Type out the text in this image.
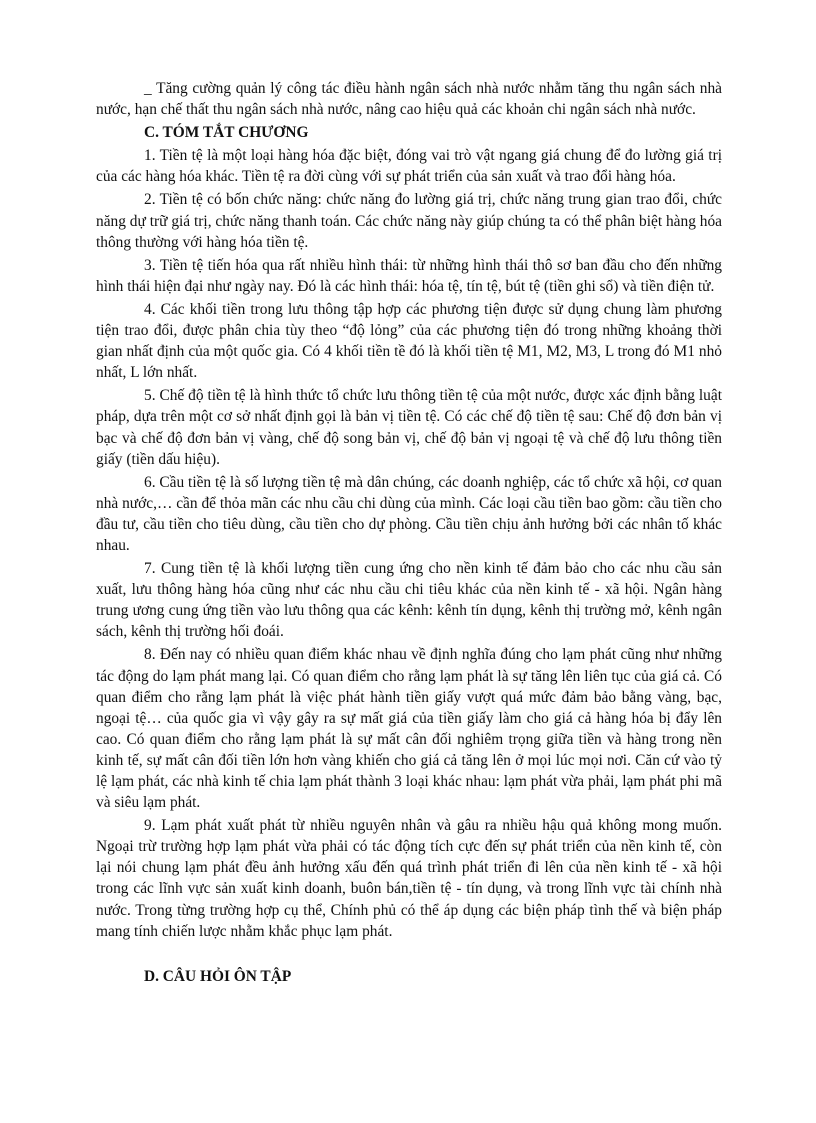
_ Tăng cường quản lý công tác điều hành ngân sách nhà nước nhằm tăng thu ngân sách nhà nước, hạn chế thất thu ngân sách nhà nước, nâng cao hiệu quả các khoản chi ngân sách nhà nước.

C. TÓM TẮT CHƯƠNG

1. Tiền tệ là một loại hàng hóa đặc biệt, đóng vai trò vật ngang giá chung để đo lường giá trị của các hàng hóa khác. Tiền tệ ra đời cùng với sự phát triển của sản xuất và trao đổi hàng hóa.

2. Tiền tệ có bốn chức năng: chức năng đo lường giá trị, chức năng trung gian trao đổi, chức năng dự trữ giá trị, chức năng thanh toán. Các chức năng này giúp chúng ta có thể phân biệt hàng hóa thông thường với hàng hóa tiền tệ.

3. Tiền tệ tiến hóa qua rất nhiều hình thái: từ những hình thái thô sơ ban đầu cho đến những hình thái hiện đại như ngày nay. Đó là các hình thái: hóa tệ, tín tệ, bút tệ (tiền ghi sổ) và tiền điện tử.

4. Các khối tiền trong lưu thông tập hợp các phương tiện được sử dụng chung làm phương tiện trao đổi, được phân chia tùy theo “độ lỏng” của các phương tiện đó trong những khoảng thời gian nhất định của một quốc gia. Có 4 khối tiền tề đó là khối tiền tệ M1, M2, M3, L trong đó M1 nhỏ nhất, L lớn nhất.

5. Chế độ tiền tệ là hình thức tổ chức lưu thông tiền tệ của một nước, được xác định bằng luật pháp, dựa trên một cơ sở nhất định gọi là bản vị tiền tệ. Có các chế độ tiền tệ sau: Chế độ đơn bản vị bạc và chế độ đơn bản vị vàng, chế độ song bản vị, chế độ bản vị ngoại tệ và chế độ lưu thông tiền giấy (tiền dấu hiệu).

6. Cầu tiền tệ là số lượng tiền tệ mà dân chúng, các doanh nghiệp, các tổ chức xã hội, cơ quan nhà nước,… cần để thỏa mãn các nhu cầu chi dùng của mình. Các loại cầu tiền bao gồm: cầu tiền cho đầu tư, cầu tiền cho tiêu dùng, cầu tiền cho dự phòng. Cầu tiền chịu ảnh hưởng bởi các nhân tố khác nhau.

7. Cung tiền tệ là khối lượng tiền cung ứng cho nền kinh tế đảm bảo cho các nhu cầu sản xuất, lưu thông hàng hóa cũng như các nhu cầu chi tiêu khác của nền kinh tế - xã hội. Ngân hàng trung ương cung ứng tiền vào lưu thông qua các kênh: kênh tín dụng, kênh thị trường mở, kênh ngân sách, kênh thị trường hối đoái.

8. Đến nay có nhiều quan điểm khác nhau về định nghĩa đúng cho lạm phát cũng như những tác động do lạm phát mang lại. Có quan điểm cho rằng lạm phát là sự tăng lên liên tục của giá cả. Có quan điểm cho rằng lạm phát là việc phát hành tiền giấy vượt quá mức đảm bảo bằng vàng, bạc, ngoại tệ… của quốc gia vì vậy gây ra sự mất giá của tiền giấy làm cho giá cả hàng hóa bị đẩy lên cao. Có quan điểm cho rằng lạm phát là sự mất cân đối nghiêm trọng giữa tiền và hàng trong nền kinh tế, sự mất cân đối tiền lớn hơn vàng khiến cho giá cả tăng lên ở mọi lúc mọi nơi. Căn cứ vào tỷ lệ lạm phát, các nhà kinh tế chia lạm phát thành 3 loại khác nhau: lạm phát vừa phải, lạm phát phi mã và siêu lạm phát.

9. Lạm phát xuất phát từ nhiều nguyên nhân và gâu ra nhiều hậu quả không mong muốn. Ngoại trừ trường hợp lạm phát vừa phải có tác động tích cực đến sự phát triển của nền kinh tế, còn lại nói chung lạm phát đều ảnh hưởng xấu đến quá trình phát triển đi lên của nền kinh tế - xã hội trong các lĩnh vực sản xuất kinh doanh, buôn bán,tiền tệ - tín dụng, và trong lĩnh vực tài chính nhà nước. Trong từng trường hợp cụ thể, Chính phủ có thể áp dụng các biện pháp tình thế và biện pháp mang tính chiến lược nhằm khắc phục lạm phát.

D. CÂU HỎI ÔN TẬP
